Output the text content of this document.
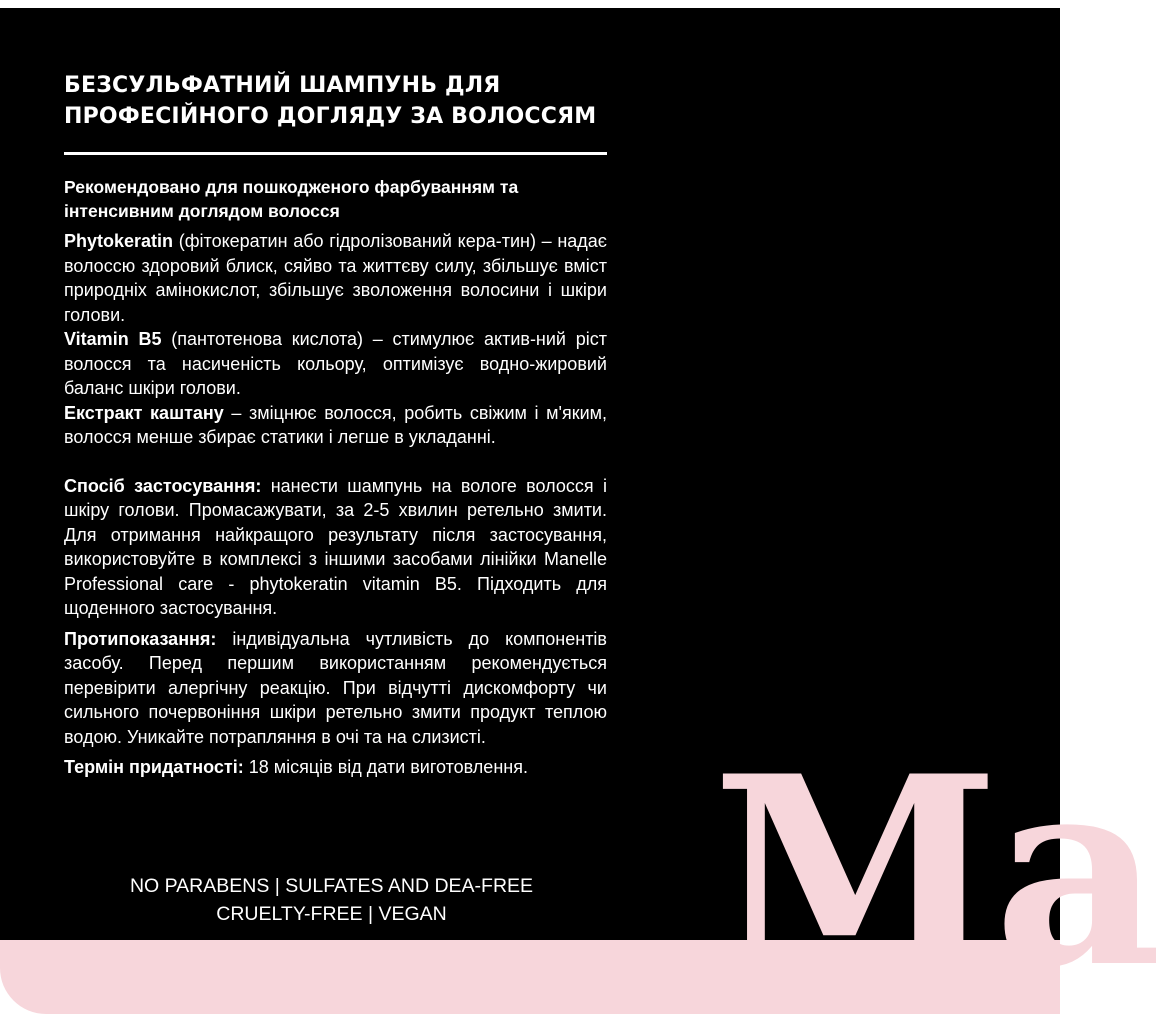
Ma
БЕЗСУЛЬФАТНИЙ ШАМПУНЬ ДЛЯ
ПРОФЕСІЙНОГО ДОГЛЯДУ ЗА ВОЛОССЯМ

Рекомендовано для пошкодженого фарбуванням та інтенсивним доглядом волосся

Phytokeratin (фітокератин або гідролізований кера-тин) – надає волоссю здоровий блиск, сяйво та життєву силу, збільшує вміст природніх амінокислот, збільшує зволоження волосини і шкіри голови.

Vitamin B5 (пантотенова кислота) – стимулює актив-ний ріст волосся та насиченість кольору, оптимізує водно-жировий баланс шкіри голови.

Екстракт каштану – зміцнює волосся, робить свіжим і м'яким, волосся менше збирає статики і легше в укладанні.

Спосіб застосування: нанести шампунь на вологе волосся і шкіру голови. Промасажувати, за 2-5 хвилин ретельно змити. Для отримання найкращого результату після застосування, використовуйте в комплексі з іншими засобами лінійки Manelle Professional care - phytokeratin vitamin B5. Підходить для щоденного застосування.

Протипоказання: індивідуальна чутливість до компонентів засобу. Перед першим використанням рекомендується перевірити алергічну реакцію. При відчутті дискомфорту чи сильного почервоніння шкіри ретельно змити продукт теплою водою. Уникайте потрапляння в очі та на слизисті.

Термін придатності: 18 місяців від дати виготовлення.

NO PARABENS | SULFATES AND DEA-FREE
CRUELTY-FREE | VEGAN
